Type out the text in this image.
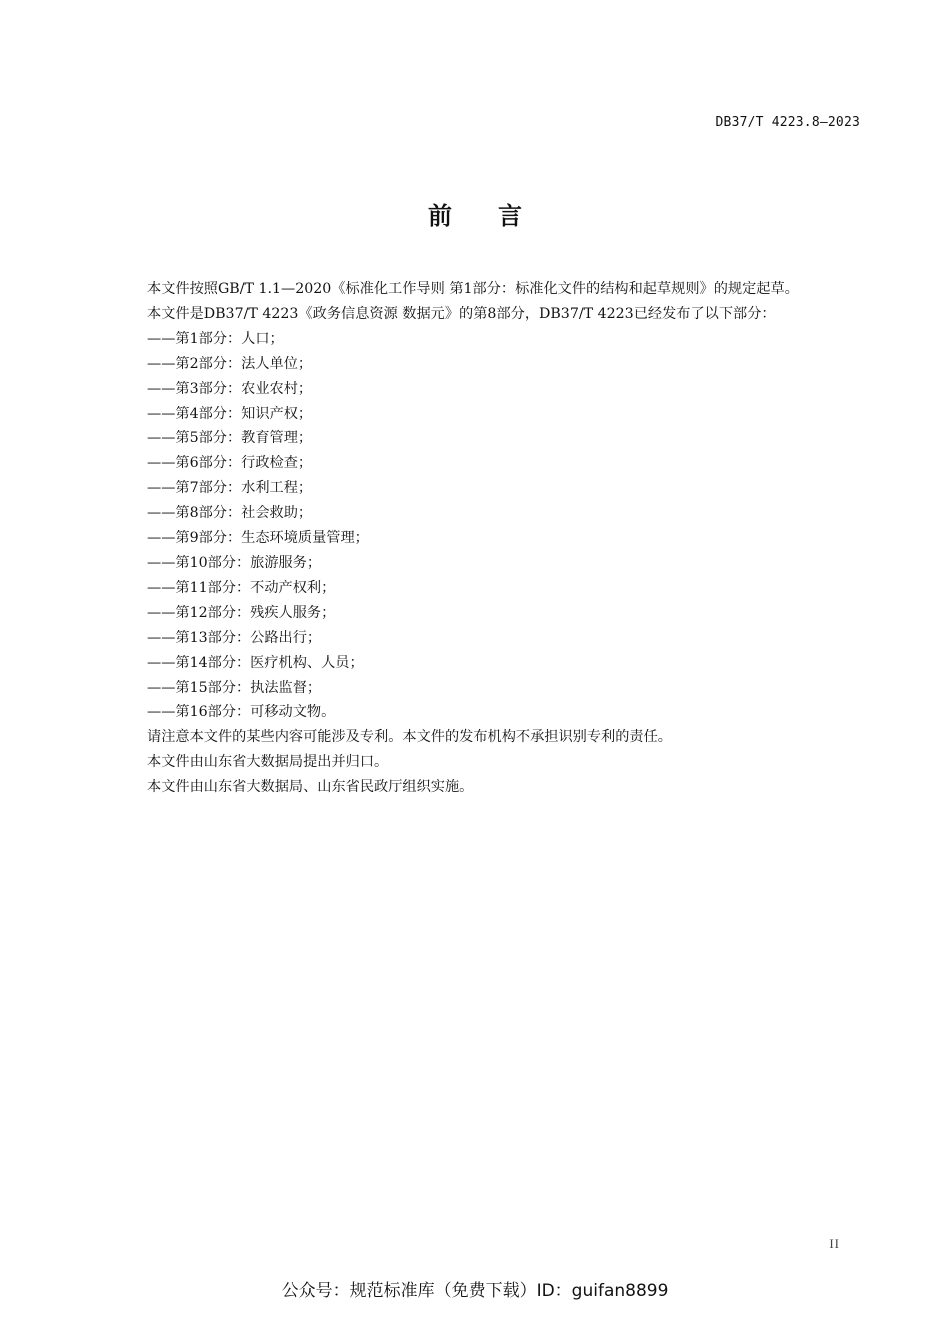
DB37/T 4223.8—2023
前言

本文件按照GB/T 1.1—2020《标准化工作导则 第1部分：标准化文件的结构和起草规则》的规定起草。

本文件是DB37/T 4223《政务信息资源 数据元》的第8部分，DB37/T 4223已经发布了以下部分：

——第1部分：人口；
——第2部分：法人单位；
——第3部分：农业农村；
——第4部分：知识产权；
——第5部分：教育管理；
——第6部分：行政检查；
——第7部分：水利工程；
——第8部分：社会救助；
——第9部分：生态环境质量管理；
——第10部分：旅游服务；
——第11部分：不动产权利；
——第12部分：残疾人服务；
——第13部分：公路出行；
——第14部分：医疗机构、人员；
——第15部分：执法监督；
——第16部分：可移动文物。

请注意本文件的某些内容可能涉及专利。本文件的发布机构不承担识别专利的责任。

本文件由山东省大数据局提出并归口。

本文件由山东省大数据局、山东省民政厅组织实施。

II
公众号：规范标准库（免费下载）ID：guifan8899
